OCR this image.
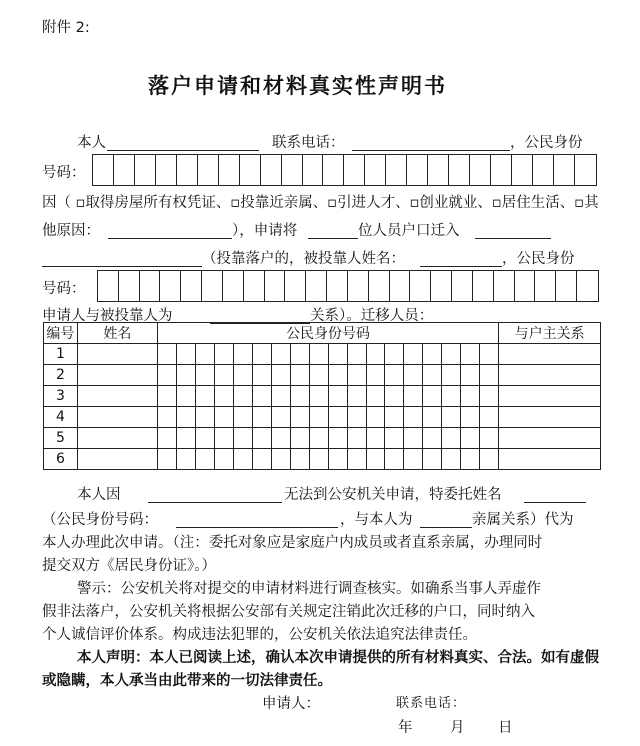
附件 2:
落户申请和材料真实性声明书
本人	联系电话：	，公民身份
号码：
因（ ▫取得房屋所有权凭证、▫投靠近亲属、▫引进人才、▫创业就业、▫居住生活、▫其
他原因：	），申请将	位人员户口迁入
（投靠落户的，被投靠人姓名：	，公民身份
号码：
申请人与被投靠人为	关系）。迁移人员：
编号	姓名	公民身份号码																		与户主关系
1																				
2																				
3																				
4																				
5																				
6																				
本人因	无法到公安机关申请，特委托姓名
（公民身份号码：	，与本人为	亲属关系）代为
本人办理此次申请。（注：委托对象应是家庭户内成员或者直系亲属，办理同时
提交双方《居民身份证》。）
警示：公安机关将对提交的申请材料进行调查核实。如确系当事人弄虚作
假非法落户，公安机关将根据公安部有关规定注销此次迁移的户口，同时纳入
个人诚信评价体系。构成违法犯罪的，公安机关依法追究法律责任。
本人声明：本人已阅读上述，确认本次申请提供的所有材料真实、合法。如有虚假
或隐瞒，本人承当由此带来的一切法律责任。
申请人：	联系电话：
年	月 日
